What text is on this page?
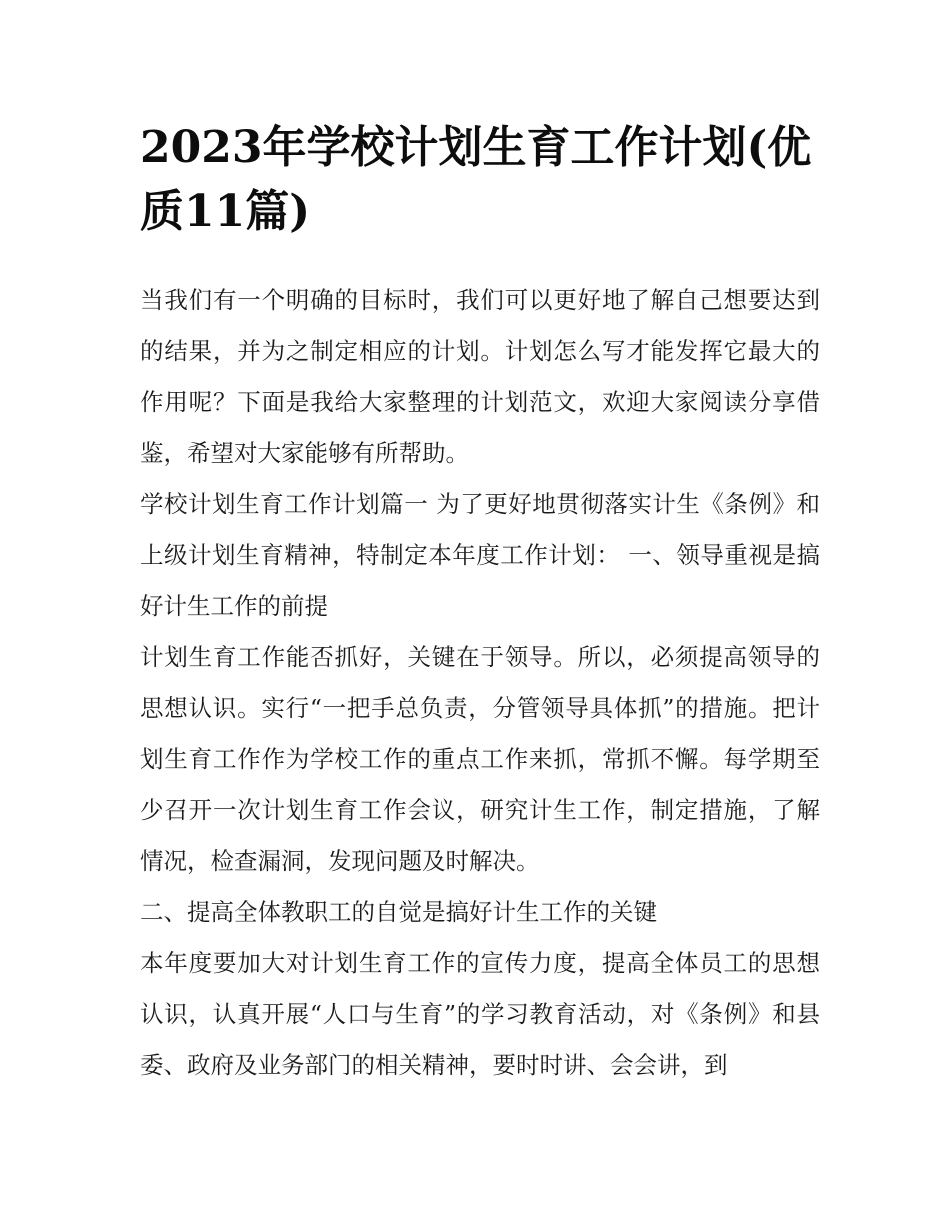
2023年学校计划生育工作计划(优质11篇)

当我们有一个明确的目标时，我们可以更好地了解自己想要达到的结果，并为之制定相应的计划。计划怎么写才能发挥它最大的作用呢？下面是我给大家整理的计划范文，欢迎大家阅读分享借鉴，希望对大家能够有所帮助。

学校计划生育工作计划篇一 为了更好地贯彻落实计生《条例》和上级计划生育精神，特制定本年度工作计划： 一、领导重视是搞好计生工作的前提

计划生育工作能否抓好，关键在于领导。所以，必须提高领导的思想认识。实行“一把手总负责，分管领导具体抓”的措施。把计划生育工作作为学校工作的重点工作来抓，常抓不懈。每学期至少召开一次计划生育工作会议，研究计生工作，制定措施，了解情况，检查漏洞，发现问题及时解决。

二、提高全体教职工的自觉是搞好计生工作的关键

本年度要加大对计划生育工作的宣传力度，提高全体员工的思想认识，认真开展“人口与生育”的学习教育活动，对《条例》和县委、政府及业务部门的相关精神，要时时讲、会会讲，到
